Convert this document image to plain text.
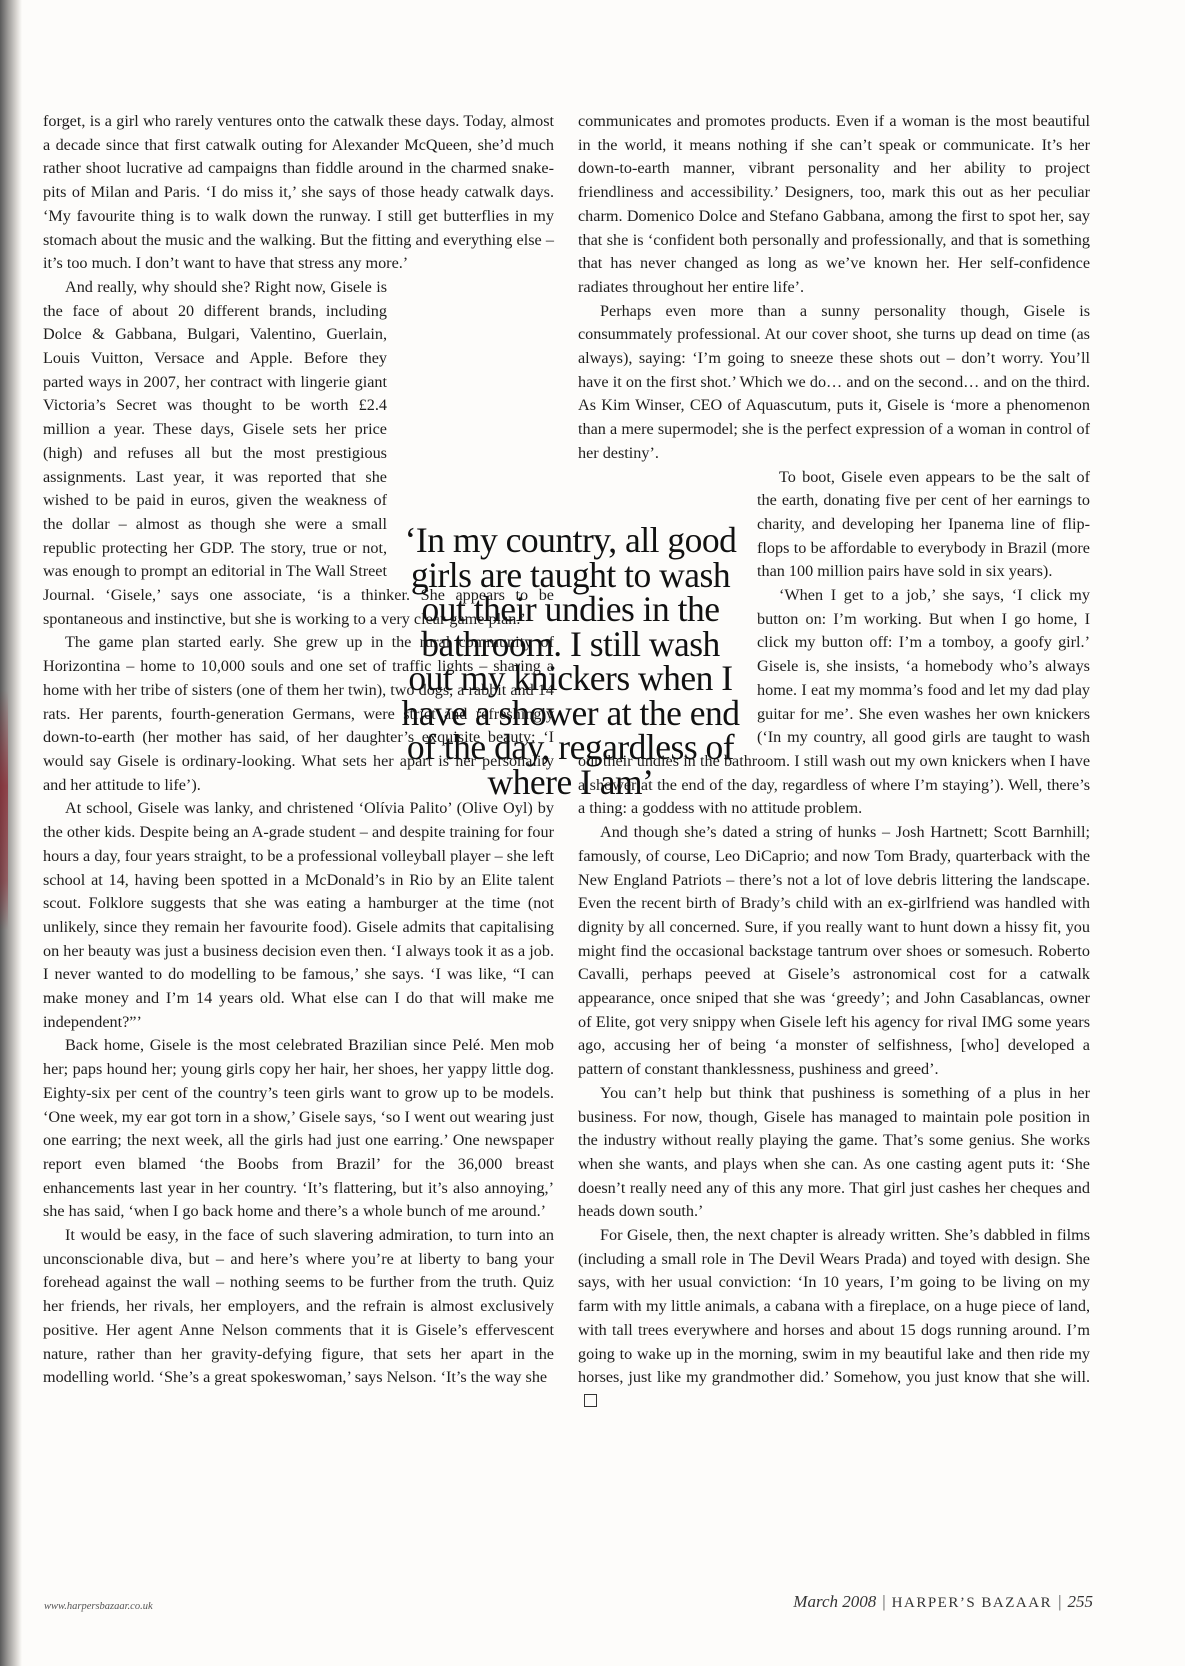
forget, is a girl who rarely ventures onto the catwalk these days. Today, almost a decade since that first catwalk outing for Alexander McQueen, she’d much rather shoot lucrative ad campaigns than fiddle around in the charmed snake-pits of Milan and Paris. ‘I do miss it,’ she says of those heady catwalk days. ‘My favourite thing is to walk down the runway. I still get butterflies in my stomach about the music and the walking. But the fitting and everything else – it’s too much. I don’t want to have that stress any more.’

And really, why should she? Right now, Gisele is the face of about 20 different brands, including Dolce & Gabbana, Bulgari, Valentino, Guerlain, Louis Vuitton, Versace and Apple. Before they parted ways in 2007, her contract with lingerie giant Victoria’s Secret was thought to be worth £2.4 million a year. These days, Gisele sets her price (high) and refuses all but the most prestigious assignments. Last year, it was reported that she wished to be paid in euros, given the weakness of the dollar – almost as though she were a small republic protecting her GDP. The story, true or not, was enough to prompt an editorial in The Wall Street Journal. ‘Gisele,’ says one associate, ‘is a thinker. She appears to be spontaneous and instinctive, but she is working to a very clear game plan.’

The game plan started early. She grew up in the rural community of Horizontina – home to 10,000 souls and one set of traffic lights – sharing a home with her tribe of sisters (one of them her twin), two dogs, a rabbit and 14 rats. Her parents, fourth-generation Germans, were strict and refreshingly down-to-earth (her mother has said, of her daughter’s exquisite beauty: ‘I would say Gisele is ordinary-looking. What sets her apart is her personality and her attitude to life’).

At school, Gisele was lanky, and christened ‘Olívia Palito’ (Olive Oyl) by the other kids. Despite being an A-grade student – and despite training for four hours a day, four years straight, to be a professional volleyball player – she left school at 14, having been spotted in a McDonald’s in Rio by an Elite talent scout. Folklore suggests that she was eating a hamburger at the time (not unlikely, since they remain her favourite food). Gisele admits that capitalising on her beauty was just a business decision even then. ‘I always took it as a job. I never wanted to do modelling to be famous,’ she says. ‘I was like, “I can make money and I’m 14 years old. What else can I do that will make me independent?”’

Back home, Gisele is the most celebrated Brazilian since Pelé. Men mob her; paps hound her; young girls copy her hair, her shoes, her yappy little dog. Eighty-six per cent of the country’s teen girls want to grow up to be models. ‘One week, my ear got torn in a show,’ Gisele says, ‘so I went out wearing just one earring; the next week, all the girls had just one earring.’ One newspaper report even blamed ‘the Boobs from Brazil’ for the 36,000 breast enhancements last year in her country. ‘It’s flattering, but it’s also annoying,’ she has said, ‘when I go back home and there’s a whole bunch of me around.’

It would be easy, in the face of such slavering admiration, to turn into an unconscionable diva, but – and here’s where you’re at liberty to bang your forehead against the wall – nothing seems to be further from the truth. Quiz her friends, her rivals, her employers, and the refrain is almost exclusively positive. Her agent Anne Nelson comments that it is Gisele’s effervescent nature, rather than her gravity-defying figure, that sets her apart in the modelling world. ‘She’s a great spokeswoman,’ says Nelson. ‘It’s the way she

communicates and promotes products. Even if a woman is the most beautiful in the world, it means nothing if she can’t speak or communicate. It’s her down-to-earth manner, vibrant personality and her ability to project friendliness and accessibility.’ Designers, too, mark this out as her peculiar charm. Domenico Dolce and Stefano Gabbana, among the first to spot her, say that she is ‘confident both personally and professionally, and that is something that has never changed as long as we’ve known her. Her self-confidence radiates throughout her entire life’.

Perhaps even more than a sunny personality though, Gisele is consummately professional. At our cover shoot, she turns up dead on time (as always), saying: ‘I’m going to sneeze these shots out – don’t worry. You’ll have it on the first shot.’ Which we do… and on the second… and on the third. As Kim Winser, CEO of Aquascutum, puts it, Gisele is ‘more a phenomenon than a mere supermodel; she is the perfect expression of a woman in control of her destiny’.

To boot, Gisele even appears to be the salt of the earth, donating five per cent of her earnings to charity, and developing her Ipanema line of flip-flops to be affordable to everybody in Brazil (more than 100 million pairs have sold in six years).

‘When I get to a job,’ she says, ‘I click my button on: I’m working. But when I go home, I click my button off: I’m a tomboy, a goofy girl.’ Gisele is, she insists, ‘a homebody who’s always home. I eat my momma’s food and let my dad play guitar for me’. She even washes her own knickers (‘In my country, all good girls are taught to wash out their undies in the bathroom. I still wash out my own knickers when I have a shower at the end of the day, regardless of where I’m staying’). Well, there’s a thing: a goddess with no attitude problem.

And though she’s dated a string of hunks – Josh Hartnett; Scott Barnhill; famously, of course, Leo DiCaprio; and now Tom Brady, quarterback with the New England Patriots – there’s not a lot of love debris littering the landscape. Even the recent birth of Brady’s child with an ex-girlfriend was handled with dignity by all concerned. Sure, if you really want to hunt down a hissy fit, you might find the occasional backstage tantrum over shoes or somesuch. Roberto Cavalli, perhaps peeved at Gisele’s astronomical cost for a catwalk appearance, once sniped that she was ‘greedy’; and John Casablancas, owner of Elite, got very snippy when Gisele left his agency for rival IMG some years ago, accusing her of being ‘a monster of selfishness, [who] developed a pattern of constant thanklessness, pushiness and greed’.

You can’t help but think that pushiness is something of a plus in her business. For now, though, Gisele has managed to maintain pole position in the industry without really playing the game. That’s some genius. She works when she wants, and plays when she can. As one casting agent puts it: ‘She doesn’t really need any of this any more. That girl just cashes her cheques and heads down south.’

For Gisele, then, the next chapter is already written. She’s dabbled in films (including a small role in The Devil Wears Prada) and toyed with design. She says, with her usual conviction: ‘In 10 years, I’m going to be living on my farm with my little animals, a cabana with a fireplace, on a huge piece of land, with tall trees everywhere and horses and about 15 dogs running around. I’m going to wake up in the morning, swim in my beautiful lake and then ride my horses, just like my grandmother did.’ Somehow, you just know that she will.

‘In my country, all good girls are taught to wash out their undies in the bathroom. I still wash out my knickers when I have a shower at the end of the day, regardless of where I am’
www.harpersbazaar.co.uk	March 2008 | HARPER’S BAZAAR | 255
